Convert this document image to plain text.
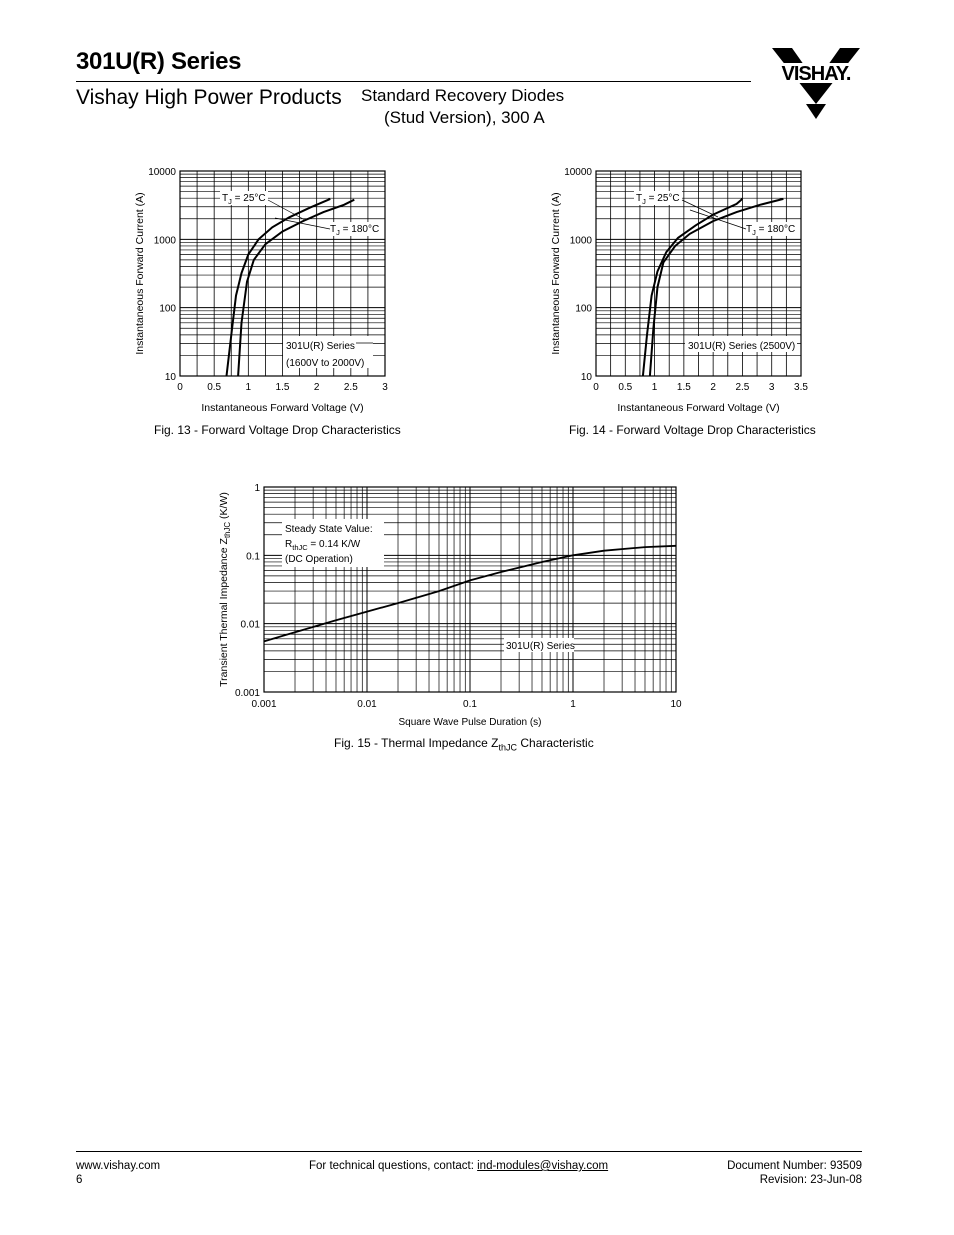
301U(R) Series
Vishay High Power Products Standard Recovery Diodes
(Stud Version), 300 A
VISHAY.
0 0.5 1 1.5 2 2.5 3
10
100
1000
10000
Instantaneous Forward Voltage (V)
Instantaneous Forward Current (A)	301U(R) Series
(1600V to 2000V)
$T_J = 25^\circ C$
$T_J = 180^\circ C$
0 0.5 1 1.5 2 2.5 3 3.5
10
100
1000
10000
Instantaneous Forward Voltage (V)
Instantaneous Forward Current (A)	301U(R) Series (2500V)
$T_J = 25^\circ C$
$T_J = 180^\circ C$
0.001	0.01	0.1	1	10
0.001
0.01
0.1
1
Square Wave Pulse Duration (s)
Transient Thermal Impedance $Z_{thJC}$ (K/W)
Steady State Value:
$R_{thJC} = 0.14$ K/W
(DC Operation)
301U(R) Series
Fig. 13 - Forward Voltage Drop Characteristics	Fig. 14 - Forward Voltage Drop Characteristics
Fig. 15 - Thermal Impedance $Z_{thJC}$ Characteristic
www.vishay.com
6
For technical questions, contact: ind-modules@vishay.com	Document Number: 93509
Revision: 23-Jun-08
